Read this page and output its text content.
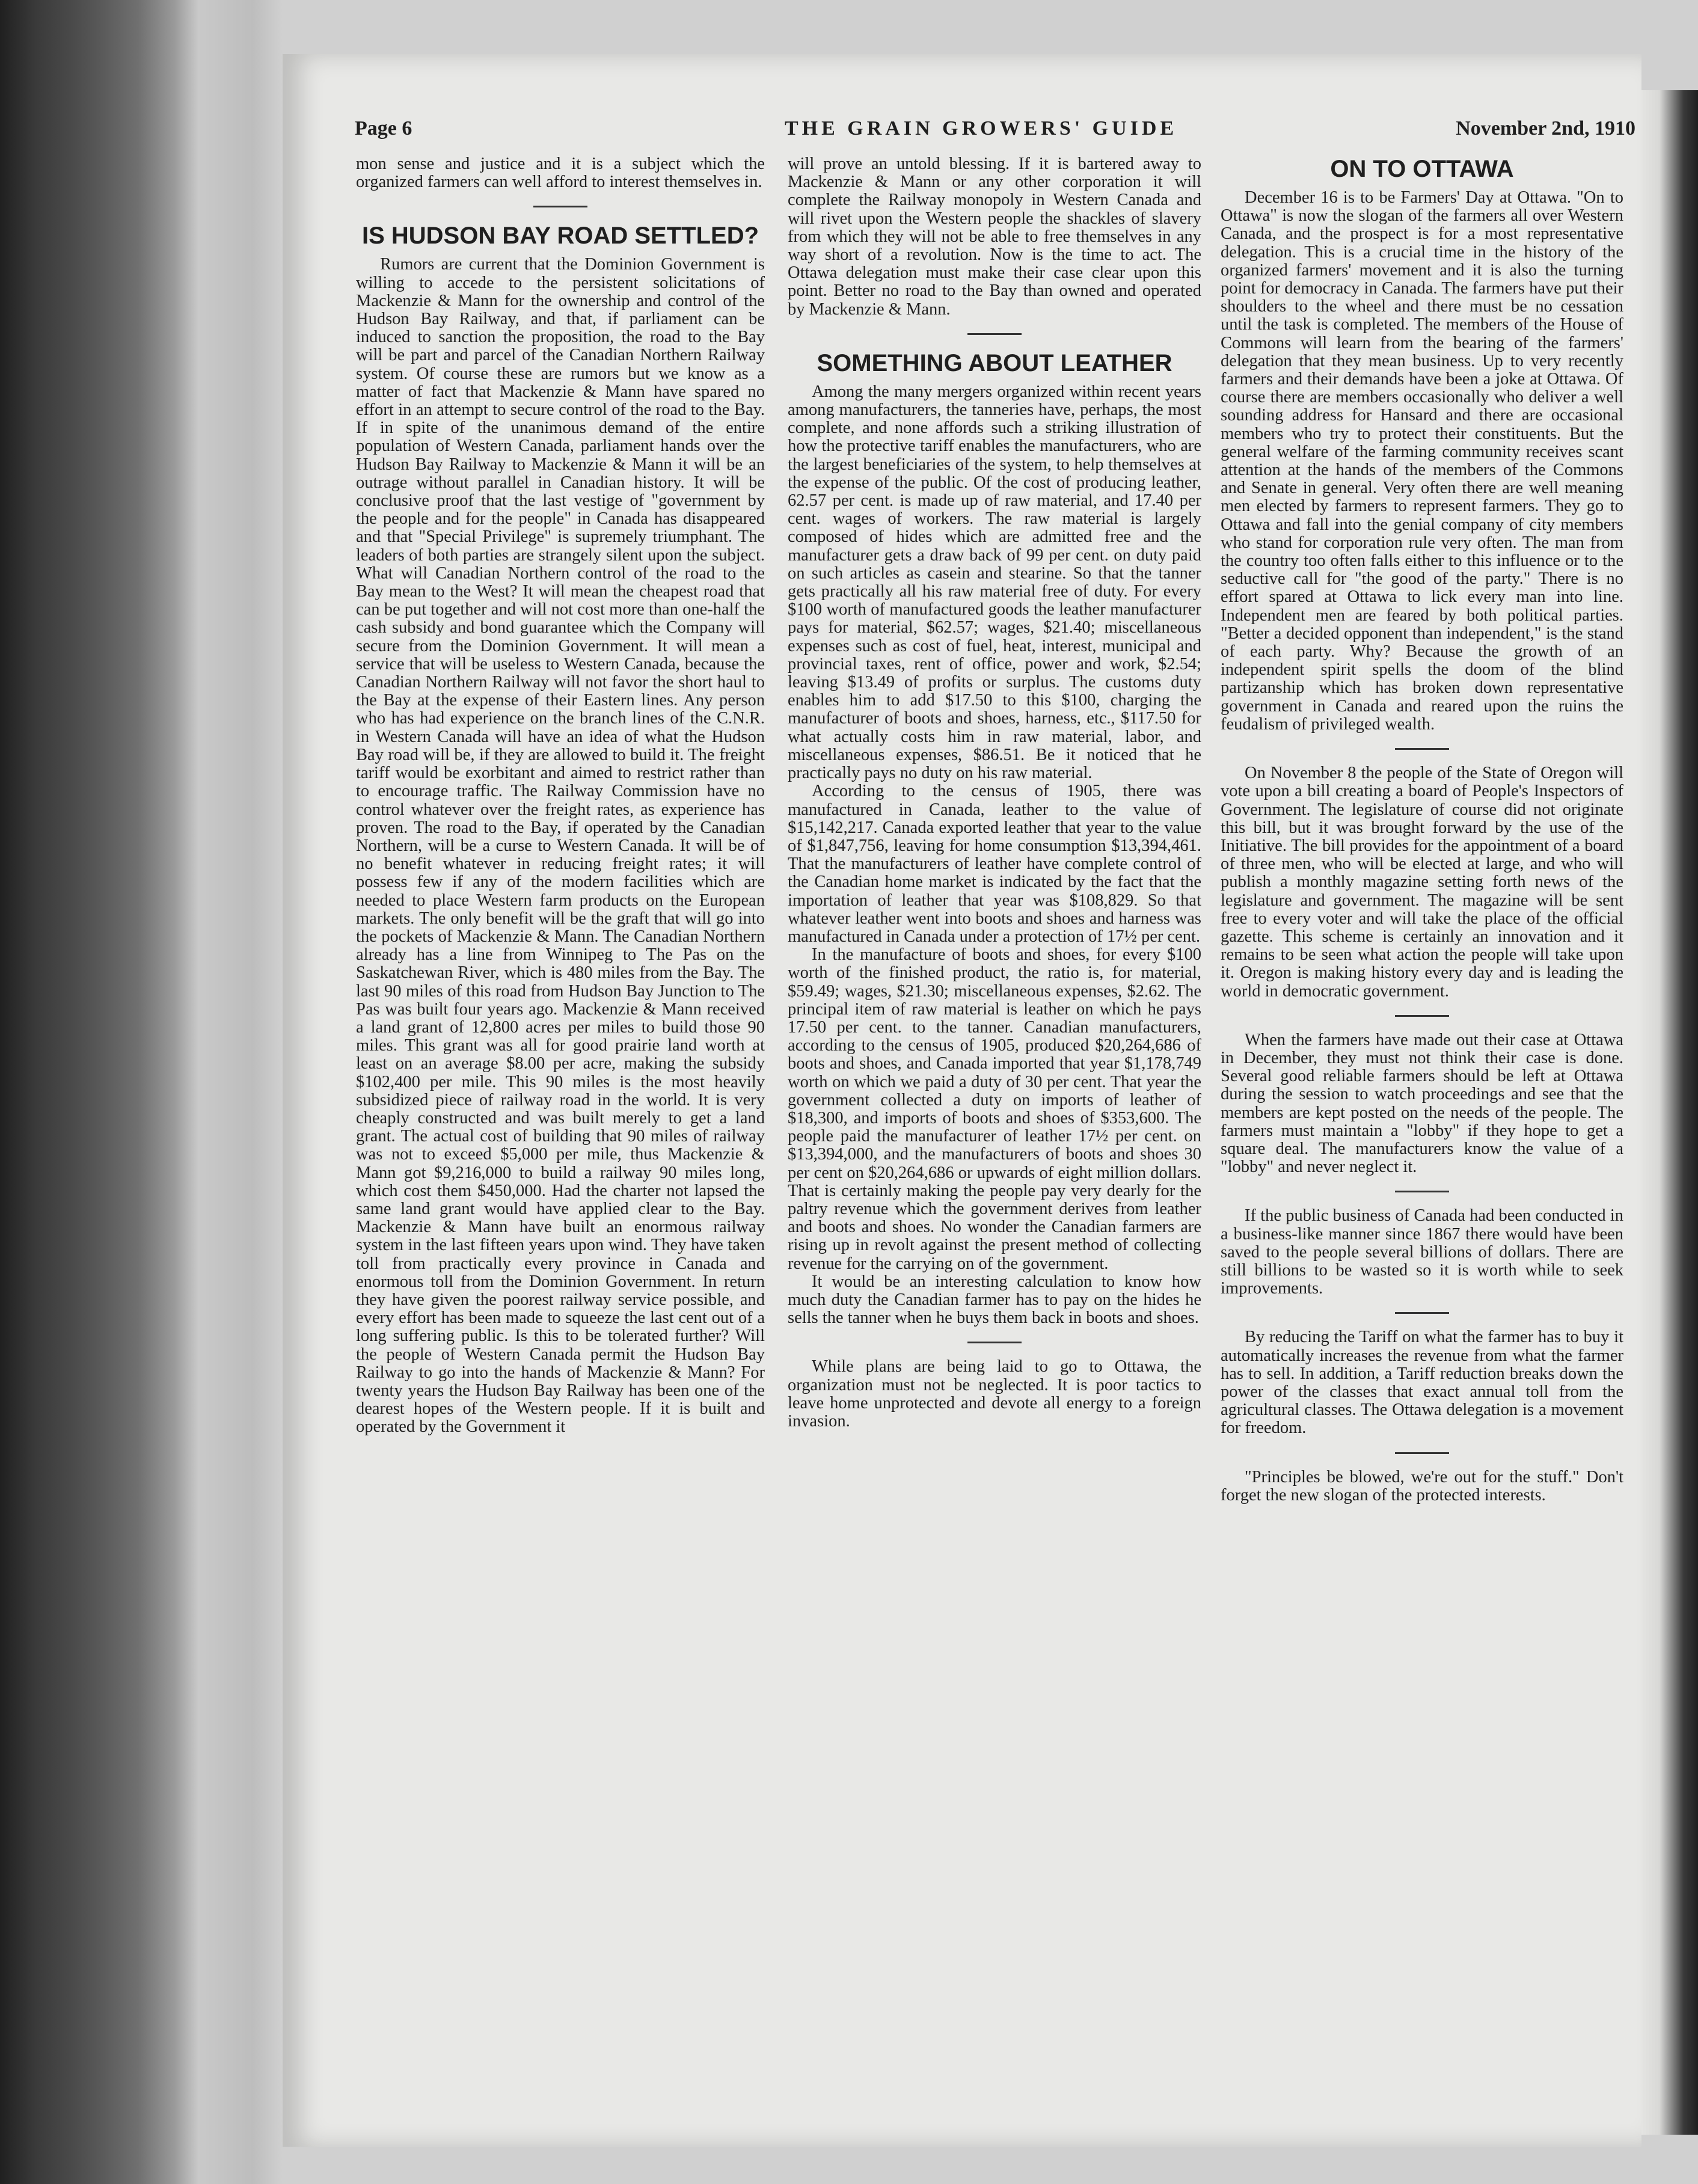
Page 6	THE GRAIN GROWERS' GUIDE	November 2nd, 1910

mon sense and justice and it is a subject which the organized farmers can well afford to interest themselves in.

IS HUDSON BAY ROAD SETTLED?

Rumors are current that the Dominion Government is willing to accede to the persistent solicitations of Mackenzie & Mann for the ownership and control of the Hudson Bay Railway, and that, if parliament can be induced to sanction the proposition, the road to the Bay will be part and parcel of the Canadian Northern Railway system. Of course these are rumors but we know as a matter of fact that Mackenzie & Mann have spared no effort in an attempt to secure control of the road to the Bay. If in spite of the unanimous demand of the entire population of Western Canada, parliament hands over the Hudson Bay Railway to Mackenzie & Mann it will be an outrage without parallel in Canadian history. It will be conclusive proof that the last vestige of "government by the people and for the people" in Canada has disappeared and that "Special Privilege" is supremely triumphant. The leaders of both parties are strangely silent upon the subject. What will Canadian Northern control of the road to the Bay mean to the West? It will mean the cheapest road that can be put together and will not cost more than one-half the cash subsidy and bond guarantee which the Company will secure from the Dominion Government. It will mean a service that will be useless to Western Canada, because the Canadian Northern Railway will not favor the short haul to the Bay at the expense of their Eastern lines. Any person who has had experience on the branch lines of the C.N.R. in Western Canada will have an idea of what the Hudson Bay road will be, if they are allowed to build it. The freight tariff would be exorbitant and aimed to restrict rather than to encourage traffic. The Railway Commission have no control whatever over the freight rates, as experience has proven. The road to the Bay, if operated by the Canadian Northern, will be a curse to Western Canada. It will be of no benefit whatever in reducing freight rates; it will possess few if any of the modern facilities which are needed to place Western farm products on the European markets. The only benefit will be the graft that will go into the pockets of Mackenzie & Mann. The Canadian Northern already has a line from Winnipeg to The Pas on the Saskatchewan River, which is 480 miles from the Bay. The last 90 miles of this road from Hudson Bay Junction to The Pas was built four years ago. Mackenzie & Mann received a land grant of 12,800 acres per miles to build those 90 miles. This grant was all for good prairie land worth at least on an average $8.00 per acre, making the subsidy $102,400 per mile. This 90 miles is the most heavily subsidized piece of railway road in the world. It is very cheaply constructed and was built merely to get a land grant. The actual cost of building that 90 miles of railway was not to exceed $5,000 per mile, thus Mackenzie & Mann got $9,216,000 to build a railway 90 miles long, which cost them $450,000. Had the charter not lapsed the same land grant would have applied clear to the Bay. Mackenzie & Mann have built an enormous railway system in the last fifteen years upon wind. They have taken toll from practically every province in Canada and enormous toll from the Dominion Government. In return they have given the poorest railway service possible, and every effort has been made to squeeze the last cent out of a long suffering public. Is this to be tolerated further? Will the people of Western Canada permit the Hudson Bay Railway to go into the hands of Mackenzie & Mann? For twenty years the Hudson Bay Railway has been one of the dearest hopes of the Western people. If it is built and operated by the Government it

will prove an untold blessing. If it is bartered away to Mackenzie & Mann or any other corporation it will complete the Railway monopoly in Western Canada and will rivet upon the Western people the shackles of slavery from which they will not be able to free themselves in any way short of a revolution. Now is the time to act. The Ottawa delegation must make their case clear upon this point. Better no road to the Bay than owned and operated by Mackenzie & Mann.

SOMETHING ABOUT LEATHER

Among the many mergers organized within recent years among manufacturers, the tanneries have, perhaps, the most complete, and none affords such a striking illustration of how the protective tariff enables the manufacturers, who are the largest beneficiaries of the system, to help themselves at the expense of the public. Of the cost of producing leather, 62.57 per cent. is made up of raw material, and 17.40 per cent. wages of workers. The raw material is largely composed of hides which are admitted free and the manufacturer gets a draw back of 99 per cent. on duty paid on such articles as casein and stearine. So that the tanner gets practically all his raw material free of duty. For every $100 worth of manufactured goods the leather manufacturer pays for material, $62.57; wages, $21.40; miscellaneous expenses such as cost of fuel, heat, interest, municipal and provincial taxes, rent of office, power and work, $2.54; leaving $13.49 of profits or surplus. The customs duty enables him to add $17.50 to this $100, charging the manufacturer of boots and shoes, harness, etc., $117.50 for what actually costs him in raw material, labor, and miscellaneous expenses, $86.51. Be it noticed that he practically pays no duty on his raw material.

According to the census of 1905, there was manufactured in Canada, leather to the value of $15,142,217. Canada exported leather that year to the value of $1,847,756, leaving for home consumption $13,394,461. That the manufacturers of leather have complete control of the Canadian home market is indicated by the fact that the importation of leather that year was $108,829. So that whatever leather went into boots and shoes and harness was manufactured in Canada under a protection of 17½ per cent.

In the manufacture of boots and shoes, for every $100 worth of the finished product, the ratio is, for material, $59.49; wages, $21.30; miscellaneous expenses, $2.62. The principal item of raw material is leather on which he pays 17.50 per cent. to the tanner. Canadian manufacturers, according to the census of 1905, produced $20,264,686 of boots and shoes, and Canada imported that year $1,178,749 worth on which we paid a duty of 30 per cent. That year the government collected a duty on imports of leather of $18,300, and imports of boots and shoes of $353,600. The people paid the manufacturer of leather 17½ per cent. on $13,394,000, and the manufacturers of boots and shoes 30 per cent on $20,264,686 or upwards of eight million dollars. That is certainly making the people pay very dearly for the paltry revenue which the government derives from leather and boots and shoes. No wonder the Canadian farmers are rising up in revolt against the present method of collecting revenue for the carrying on of the government.

It would be an interesting calculation to know how much duty the Canadian farmer has to pay on the hides he sells the tanner when he buys them back in boots and shoes.

While plans are being laid to go to Ottawa, the organization must not be neglected. It is poor tactics to leave home unprotected and devote all energy to a foreign invasion.

ON TO OTTAWA

December 16 is to be Farmers' Day at Ottawa. "On to Ottawa" is now the slogan of the farmers all over Western Canada, and the prospect is for a most representative delegation. This is a crucial time in the history of the organized farmers' movement and it is also the turning point for democracy in Canada. The farmers have put their shoulders to the wheel and there must be no cessation until the task is completed. The members of the House of Commons will learn from the bearing of the farmers' delegation that they mean business. Up to very recently farmers and their demands have been a joke at Ottawa. Of course there are members occasionally who deliver a well sounding address for Hansard and there are occasional members who try to protect their constituents. But the general welfare of the farming community receives scant attention at the hands of the members of the Commons and Senate in general. Very often there are well meaning men elected by farmers to represent farmers. They go to Ottawa and fall into the genial company of city members who stand for corporation rule very often. The man from the country too often falls either to this influence or to the seductive call for "the good of the party." There is no effort spared at Ottawa to lick every man into line. Independent men are feared by both political parties. "Better a decided opponent than independent," is the stand of each party. Why? Because the growth of an independent spirit spells the doom of the blind partizanship which has broken down representative government in Canada and reared upon the ruins the feudalism of privileged wealth.

On November 8 the people of the State of Oregon will vote upon a bill creating a board of People's Inspectors of Government. The legislature of course did not originate this bill, but it was brought forward by the use of the Initiative. The bill provides for the appointment of a board of three men, who will be elected at large, and who will publish a monthly magazine setting forth news of the legislature and government. The magazine will be sent free to every voter and will take the place of the official gazette. This scheme is certainly an innovation and it remains to be seen what action the people will take upon it. Oregon is making history every day and is leading the world in democratic government.

When the farmers have made out their case at Ottawa in December, they must not think their case is done. Several good reliable farmers should be left at Ottawa during the session to watch proceedings and see that the members are kept posted on the needs of the people. The farmers must maintain a "lobby" if they hope to get a square deal. The manufacturers know the value of a "lobby" and never neglect it.

If the public business of Canada had been conducted in a business-like manner since 1867 there would have been saved to the people several billions of dollars. There are still billions to be wasted so it is worth while to seek improvements.

By reducing the Tariff on what the farmer has to buy it automatically increases the revenue from what the farmer has to sell. In addition, a Tariff reduction breaks down the power of the classes that exact annual toll from the agricultural classes. The Ottawa delegation is a movement for freedom.

"Principles be blowed, we're out for the stuff." Don't forget the new slogan of the protected interests.
